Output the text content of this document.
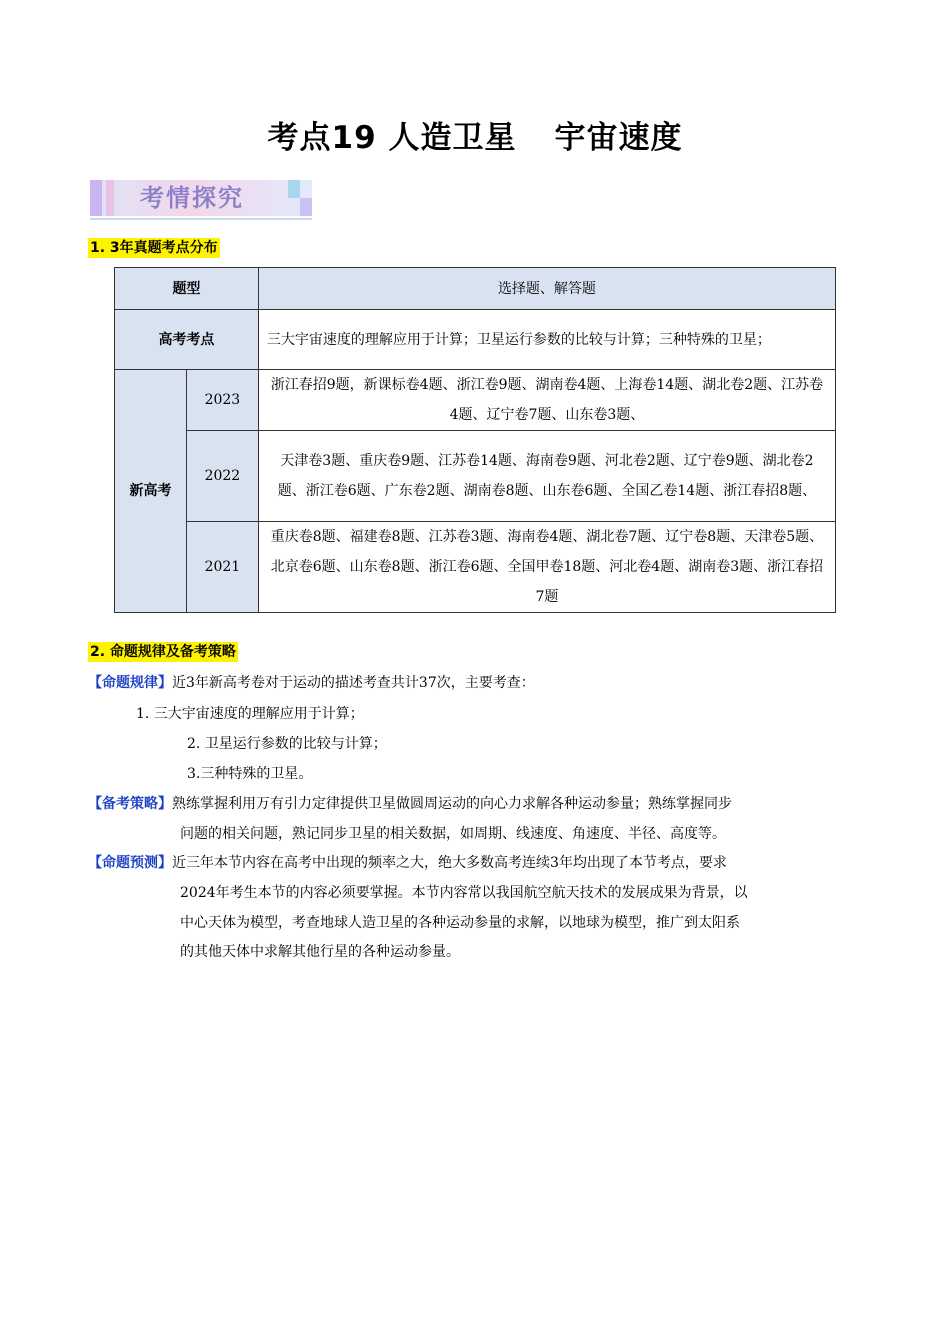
考点19 人造卫星 宇宙速度
考情探究
1. 3年真题考点分布
题型		选择题、解答题
高考考点		三大宇宙速度的理解应用于计算；卫星运行参数的比较与计算；三种特殊的卫星；
新高考	2023	浙江春招9题，新课标卷4题、浙江卷9题、湖南卷4题、上海卷14题、湖北卷2题、江苏卷4题、辽宁卷7题、山东卷3题、
	2022	天津卷3题、重庆卷9题、江苏卷14题、海南卷9题、河北卷2题、辽宁卷9题、湖北卷2题、浙江卷6题、广东卷2题、湖南卷8题、山东卷6题、全国乙卷14题、浙江春招8题、
	2021	重庆卷8题、福建卷8题、江苏卷3题、海南卷4题、湖北卷7题、辽宁卷8题、天津卷5题、北京卷6题、山东卷8题、浙江卷6题、全国甲卷18题、河北卷4题、湖南卷3题、浙江春招7题
2. 命题规律及备考策略
【命题规律】近3年新高考卷对于运动的描述考查共计37次，主要考查：
1. 三大宇宙速度的理解应用于计算；
2. 卫星运行参数的比较与计算；
3.三种特殊的卫星。
【备考策略】熟练掌握利用万有引力定律提供卫星做圆周运动的向心力求解各种运动参量；熟练掌握同步
问题的相关问题，熟记同步卫星的相关数据，如周期、线速度、角速度、半径、高度等。
【命题预测】近三年本节内容在高考中出现的频率之大，绝大多数高考连续3年均出现了本节考点，要求
2024年考生本节的内容必须要掌握。本节内容常以我国航空航天技术的发展成果为背景，以
中心天体为模型，考查地球人造卫星的各种运动参量的求解，以地球为模型，推广到太阳系
的其他天体中求解其他行星的各种运动参量。
